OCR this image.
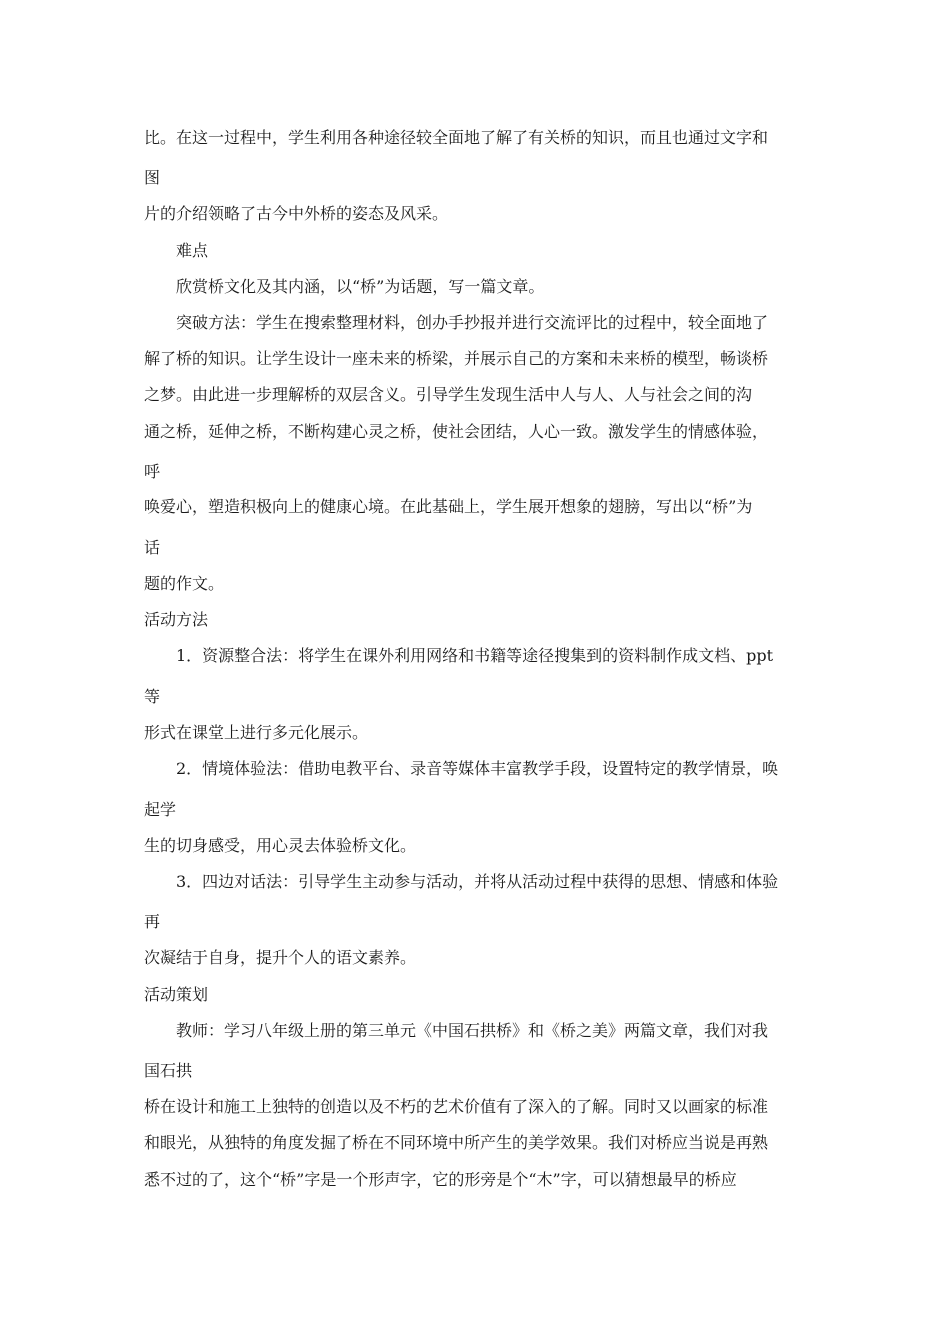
比。在这一过程中，学生利用各种途径较全面地了解了有关桥的知识，而且也通过文字和
图
片的介绍领略了古今中外桥的姿态及风采。
难点
欣赏桥文化及其内涵，以“桥”为话题，写一篇文章。
突破方法：学生在搜索整理材料，创办手抄报并进行交流评比的过程中，较全面地了
解了桥的知识。让学生设计一座未来的桥梁，并展示自己的方案和未来桥的模型，畅谈桥
之梦。由此进一步理解桥的双层含义。引导学生发现生活中人与人、人与社会之间的沟
通之桥，延伸之桥，不断构建心灵之桥，使社会团结，人心一致。激发学生的情感体验，
呼
唤爱心，塑造积极向上的健康心境。在此基础上，学生展开想象的翅膀，写出以“桥”为
话
题的作文。
活动方法
1．资源整合法：将学生在课外利用网络和书籍等途径搜集到的资料制作成文档、ppt
等
形式在课堂上进行多元化展示。
2．情境体验法：借助电教平台、录音等媒体丰富教学手段，设置特定的教学情景，唤
起学
生的切身感受，用心灵去体验桥文化。
3．四边对话法：引导学生主动参与活动，并将从活动过程中获得的思想、情感和体验
再
次凝结于自身，提升个人的语文素养。
活动策划
教师：学习八年级上册的第三单元《中国石拱桥》和《桥之美》两篇文章，我们对我
国石拱
桥在设计和施工上独特的创造以及不朽的艺术价值有了深入的了解。同时又以画家的标准
和眼光，从独特的角度发掘了桥在不同环境中所产生的美学效果。我们对桥应当说是再熟
悉不过的了，这个“桥”字是一个形声字，它的形旁是个“木”字，可以猜想最早的桥应
